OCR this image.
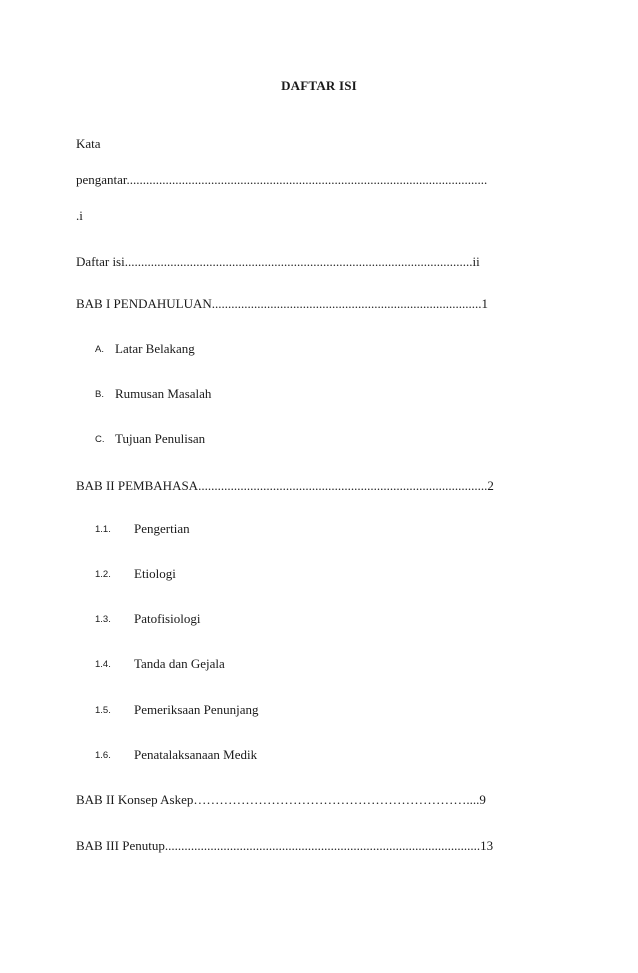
DAFTAR ISI
Kata
pengantar...............................................................................................................
.i
Daftar isi...........................................................................................................ii
BAB I PENDAHULUAN...................................................................................1
A. Latar Belakang
B. Rumusan Masalah
C. Tujuan Penulisan
BAB II PEMBAHASA.........................................................................................2
1.1. Pengertian
1.2. Etiologi
1.3. Patofisiologi
1.4. Tanda dan Gejala
1.5. Pemeriksaan Penunjang
1.6. Penatalaksanaan Medik
BAB II Konsep Askep………………………………………………………....9
BAB III Penutup.................................................................................................13
